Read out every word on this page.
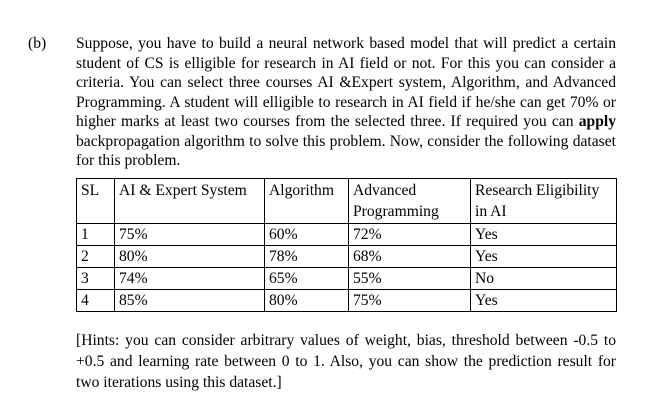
(b) Suppose, you have to build a neural network based model that will predict a certain student of CS is elligible for research in AI field or not. For this you can consider a criteria. You can select three courses AI &Expert system, Algorithm, and Advanced Programming. A student will elligible to research in AI field if he/she can get 70% or higher marks at least two courses from the selected three. If required you can apply backpropagation algorithm to solve this problem. Now, consider the following dataset for this problem.

SL	AI & Expert System	Algorithm	Advanced Programming	Research Eligibility in AI
1	75%	60%	72%	Yes
2	80%	78%	68%	Yes
3	74%	65%	55%	No
4	85%	80%	75%	Yes

[Hints: you can consider arbitrary values of weight, bias, threshold between -0.5 to +0.5 and learning rate between 0 to 1. Also, you can show the prediction result for two iterations using this dataset.]
